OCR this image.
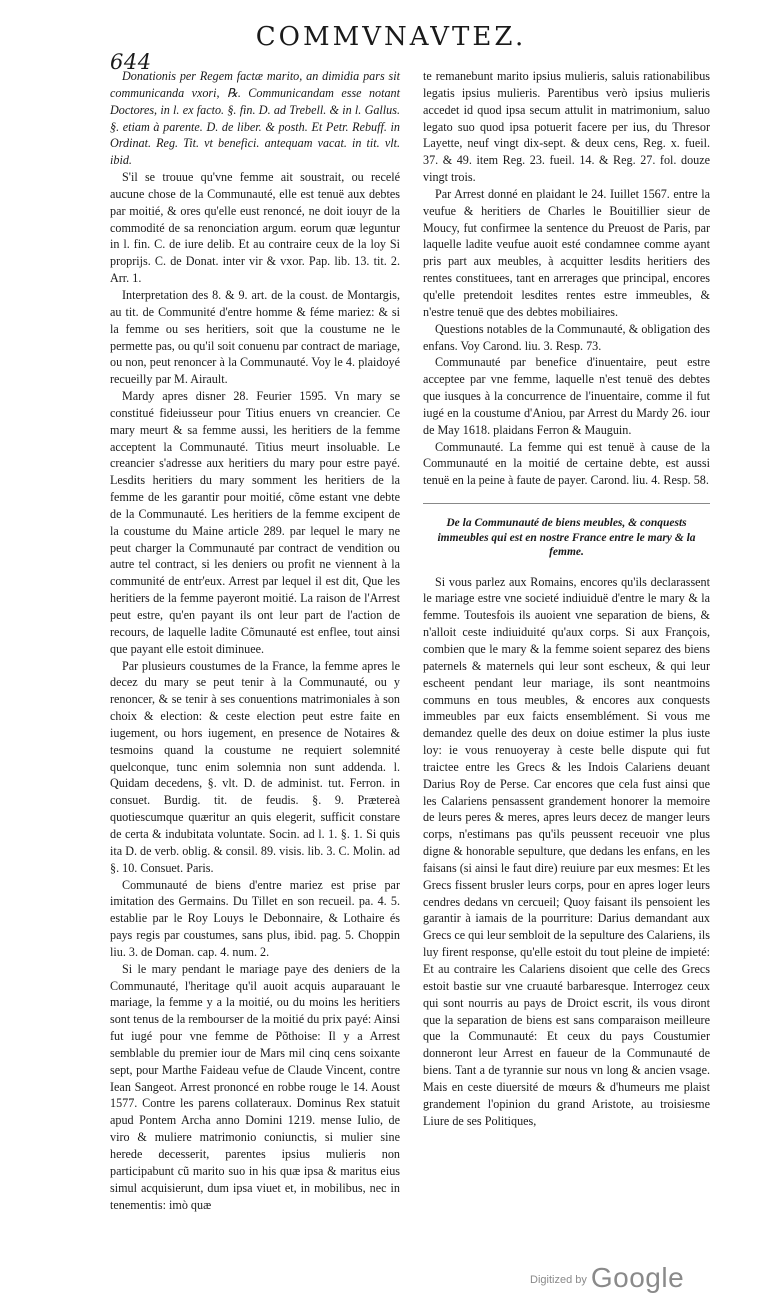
644
COMMVNAVTEZ.

Donationis per Regem factæ marito, an dimidia pars sit communicanda vxori, ℞. Communicandam esse notant Doctores, in l. ex facto. §. fin. D. ad Trebell. & in l. Gallus. §. etiam à parente. D. de liber. & posth. Et Petr. Rebuff. in Ordinat. Reg. Tit. vt benefici. antequam vacat. in tit. vlt. ibid.

S'il se trouue qu'vne femme ait soustrait, ou recelé aucune chose de la Communauté, elle est tenuë aux debtes par moitié, & ores qu'elle eust renoncé, ne doit iouyr de la commodité de sa renonciation argum. eorum quæ leguntur in l. fin. C. de iure delib. Et au contraire ceux de la loy Si proprijs. C. de Donat. inter vir & vxor. Pap. lib. 13. tit. 2. Arr. 1.

Interpretation des 8. & 9. art. de la coust. de Montargis, au tit. de Communité d'entre homme & féme mariez: & si la femme ou ses heritiers, soit que la coustume ne le permette pas, ou qu'il soit conuenu par contract de mariage, ou non, peut renoncer à la Communauté. Voy le 4. plaidoyé recueilly par M. Airault.

Mardy apres disner 28. Feurier 1595. Vn mary se constitué fideiusseur pour Titius enuers vn creancier. Ce mary meurt & sa femme aussi, les heritiers de la femme acceptent la Communauté. Titius meurt insoluable. Le creancier s'adresse aux heritiers du mary pour estre payé. Lesdits heritiers du mary somment les heritiers de la femme de les garantir pour moitié, cõme estant vne debte de la Communauté. Les heritiers de la femme excipent de la coustume du Maine article 289. par lequel le mary ne peut charger la Communauté par contract de vendition ou autre tel contract, si les deniers ou profit ne viennent à la communité de entr'eux. Arrest par lequel il est dit, Que les heritiers de la femme payeront moitié. La raison de l'Arrest peut estre, qu'en payant ils ont leur part de l'action de recours, de laquelle ladite Cõmunauté est enflee, tout ainsi que payant elle estoit diminuee.

Par plusieurs coustumes de la France, la femme apres le decez du mary se peut tenir à la Communauté, ou y renoncer, & se tenir à ses conuentions matrimoniales à son choix & election: & ceste election peut estre faite en iugement, ou hors iugement, en presence de Notaires & tesmoins quand la coustume ne requiert solemnité quelconque, tunc enim solemnia non sunt addenda. l. Quidam decedens, §. vlt. D. de administ. tut. Ferron. in consuet. Burdig. tit. de feudis. §. 9. Prætereà quotiescumque quæritur an quis elegerit, sufficit constare de certa & indubitata voluntate. Socin. ad l. 1. §. 1. Si quis ita D. de verb. oblig. & consil. 89. visis. lib. 3. C. Molin. ad §. 10. Consuet. Paris.

Communauté de biens d'entre mariez est prise par imitation des Germains. Du Tillet en son recueil. pa. 4. 5. establie par le Roy Louys le Debonnaire, & Lothaire és pays regis par coustumes, sans plus, ibid. pag. 5. Choppin liu. 3. de Doman. cap. 4. num. 2.

Si le mary pendant le mariage paye des deniers de la Communauté, l'heritage qu'il auoit acquis auparauant le mariage, la femme y a la moitié, ou du moins les heritiers sont tenus de la rembourser de la moitié du prix payé: Ainsi fut iugé pour vne femme de Põthoise: Il y a Arrest semblable du premier iour de Mars mil cinq cens soixante sept, pour Marthe Faideau vefue de Claude Vincent, contre Iean Sangeot. Arrest prononcé en robbe rouge le 14. Aoust 1577. Contre les parens collateraux. Dominus Rex statuit apud Pontem Archa anno Domini 1219. mense Iulio, de viro & muliere matrimonio coniunctis, si mulier sine herede decesserit, parentes ipsius mulieris non participabunt cũ marito suo in his quæ ipsa & maritus eius simul acquisierunt, dum ipsa viuet et, in mobilibus, nec in tenementis: imò quæ

te remanebunt marito ipsius mulieris, saluis rationabilibus legatis ipsius mulieris. Parentibus verò ipsius mulieris accedet id quod ipsa secum attulit in matrimonium, saluo legato suo quod ipsa potuerit facere per ius, du Thresor Layette, neuf vingt dix-sept. & deux cens, Reg. x. fueil. 37. & 49. item Reg. 23. fueil. 14. & Reg. 27. fol. douze vingt trois.

Par Arrest donné en plaidant le 24. Iuillet 1567. entre la veufue & heritiers de Charles le Bouitillier sieur de Moucy, fut confirmee la sentence du Preuost de Paris, par laquelle ladite veufue auoit esté condamnee comme ayant pris part aux meubles, à acquitter lesdits heritiers des rentes constituees, tant en arrerages que principal, encores qu'elle pretendoit lesdites rentes estre immeubles, & n'estre tenuë que des debtes mobiliaires.

Questions notables de la Communauté, & obligation des enfans. Voy Carond. liu. 3. Resp. 73.

Communauté par benefice d'inuentaire, peut estre acceptee par vne femme, laquelle n'est tenuë des debtes que iusques à la concurrence de l'inuentaire, comme il fut iugé en la coustume d'Aniou, par Arrest du Mardy 26. iour de May 1618. plaidans Ferron & Mauguin.

Communauté. La femme qui est tenuë à cause de la Communauté en la moitié de certaine debte, est aussi tenuë en la peine à faute de payer. Carond. liu. 4. Resp. 58.

De la Communauté de biens meubles, & conquests immeubles qui est en nostre France entre le mary & la femme.

Si vous parlez aux Romains, encores qu'ils declarassent le mariage estre vne societé indiuiduë d'entre le mary & la femme. Toutesfois ils auoient vne separation de biens, & n'alloit ceste indiuiduité qu'aux corps. Si aux François, combien que le mary & la femme soient separez des biens paternels & maternels qui leur sont escheux, & qui leur escheent pendant leur mariage, ils sont neantmoins communs en tous meubles, & encores aux conquests immeubles par eux faicts ensemblément. Si vous me demandez quelle des deux on doiue estimer la plus iuste loy: ie vous renuoyeray à ceste belle dispute qui fut traictee entre les Grecs & les Indois Calariens deuant Darius Roy de Perse. Car encores que cela fust ainsi que les Calariens pensassent grandement honorer la memoire de leurs peres & meres, apres leurs decez de manger leurs corps, n'estimans pas qu'ils peussent receuoir vne plus digne & honorable sepulture, que dedans les enfans, en les faisans (si ainsi le faut dire) reuiure par eux mesmes: Et les Grecs fissent brusler leurs corps, pour en apres loger leurs cendres dedans vn cercueil; Quoy faisant ils pensoient les garantir à iamais de la pourriture: Darius demandant aux Grecs ce qui leur sembloit de la sepulture des Calariens, ils luy firent response, qu'elle estoit du tout pleine de impieté: Et au contraire les Calariens disoient que celle des Grecs estoit bastie sur vne cruauté barbaresque. Interrogez ceux qui sont nourris au pays de Droict escrit, ils vous diront que la separation de biens est sans comparaison meilleure que la Communauté: Et ceux du pays Coustumier donneront leur Arrest en faueur de la Communauté de biens. Tant a de tyrannie sur nous vn long & ancien vsage. Mais en ceste diuersité de mœurs & d'humeurs me plaist grandement l'opinion du grand Aristote, au troisiesme Liure de ses Politiques,

$^{Digitized by}$ Google
